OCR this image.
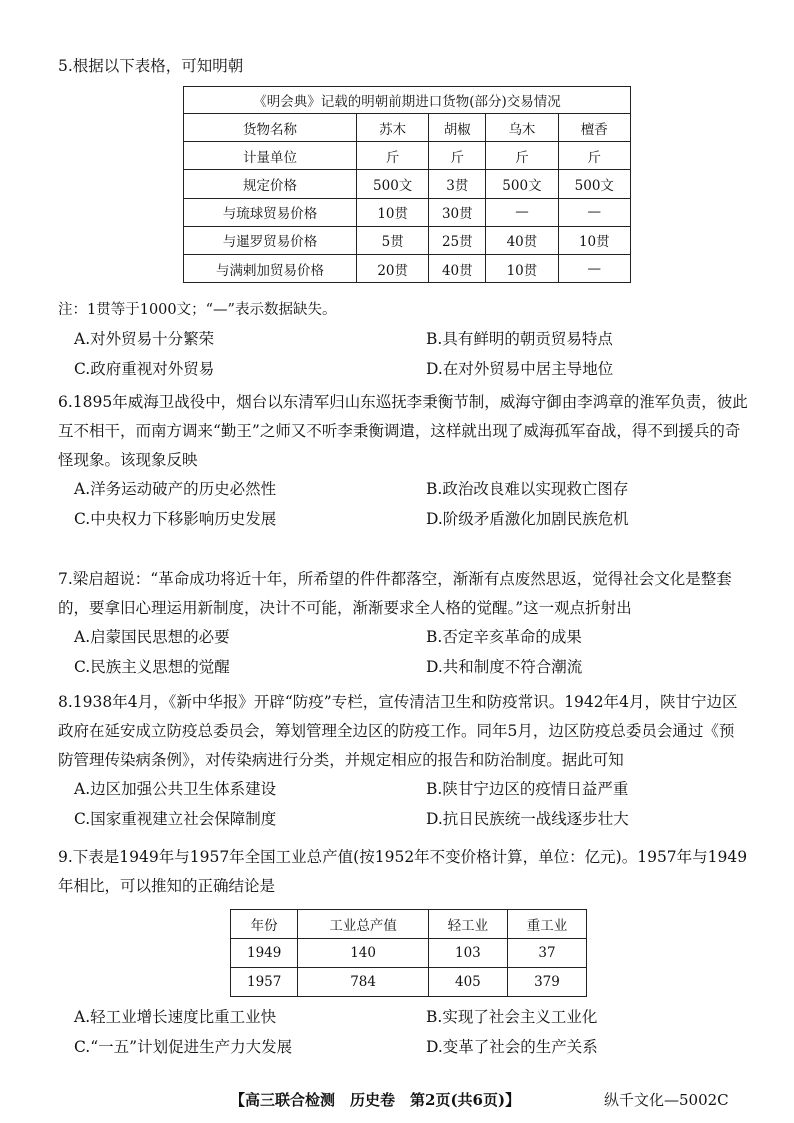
5.根据以下表格，可知明朝

《明会典》记载的明朝前期进口货物(部分)交易情况				
货物名称	苏木	胡椒	乌木	檀香
计量单位	斤	斤	斤	斤
规定价格	500文	3贯	500文	500文
与琉球贸易价格	10贯	30贯	—	—
与暹罗贸易价格	5贯	25贯	40贯	10贯
与满剌加贸易价格	20贯	40贯	10贯	—
注：1贯等于1000文；“—”表示数据缺失。
A.对外贸易十分繁荣	B.具有鲜明的朝贡贸易特点
C.政府重视对外贸易	D.在对外贸易中居主导地位

6.1895年威海卫战役中，烟台以东清军归山东巡抚李秉衡节制，威海守御由李鸿章的淮军负责，彼此互不相干，而南方调来“勤王”之师又不听李秉衡调遣，这样就出现了威海孤军奋战，得不到援兵的奇怪现象。该现象反映

A.洋务运动破产的历史必然性	B.政治改良难以实现救亡图存
C.中央权力下移影响历史发展	D.阶级矛盾激化加剧民族危机

7.梁启超说：“革命成功将近十年，所希望的件件都落空，渐渐有点废然思返，觉得社会文化是整套的，要拿旧心理运用新制度，决计不可能，渐渐要求全人格的觉醒。”这一观点折射出

A.启蒙国民思想的必要	B.否定辛亥革命的成果
C.民族主义思想的觉醒	D.共和制度不符合潮流

8.1938年4月，《新中华报》开辟“防疫”专栏，宣传清洁卫生和防疫常识。1942年4月，陕甘宁边区政府在延安成立防疫总委员会，筹划管理全边区的防疫工作。同年5月，边区防疫总委员会通过《预防管理传染病条例》，对传染病进行分类，并规定相应的报告和防治制度。据此可知

A.边区加强公共卫生体系建设	B.陕甘宁边区的疫情日益严重
C.国家重视建立社会保障制度	D.抗日民族统一战线逐步壮大

9.下表是1949年与1957年全国工业总产值(按1952年不变价格计算，单位：亿元)。1957年与1949年相比，可以推知的正确结论是

年份	工业总产值	轻工业	重工业
1949	140	103	37
1957	784	405	379
A.轻工业增长速度比重工业快	B.实现了社会主义工业化
C.“一五”计划促进生产力大发展	D.变革了社会的生产关系
【高三联合检测　历史卷　第2页(共6页)】	纵千文化—5002C
